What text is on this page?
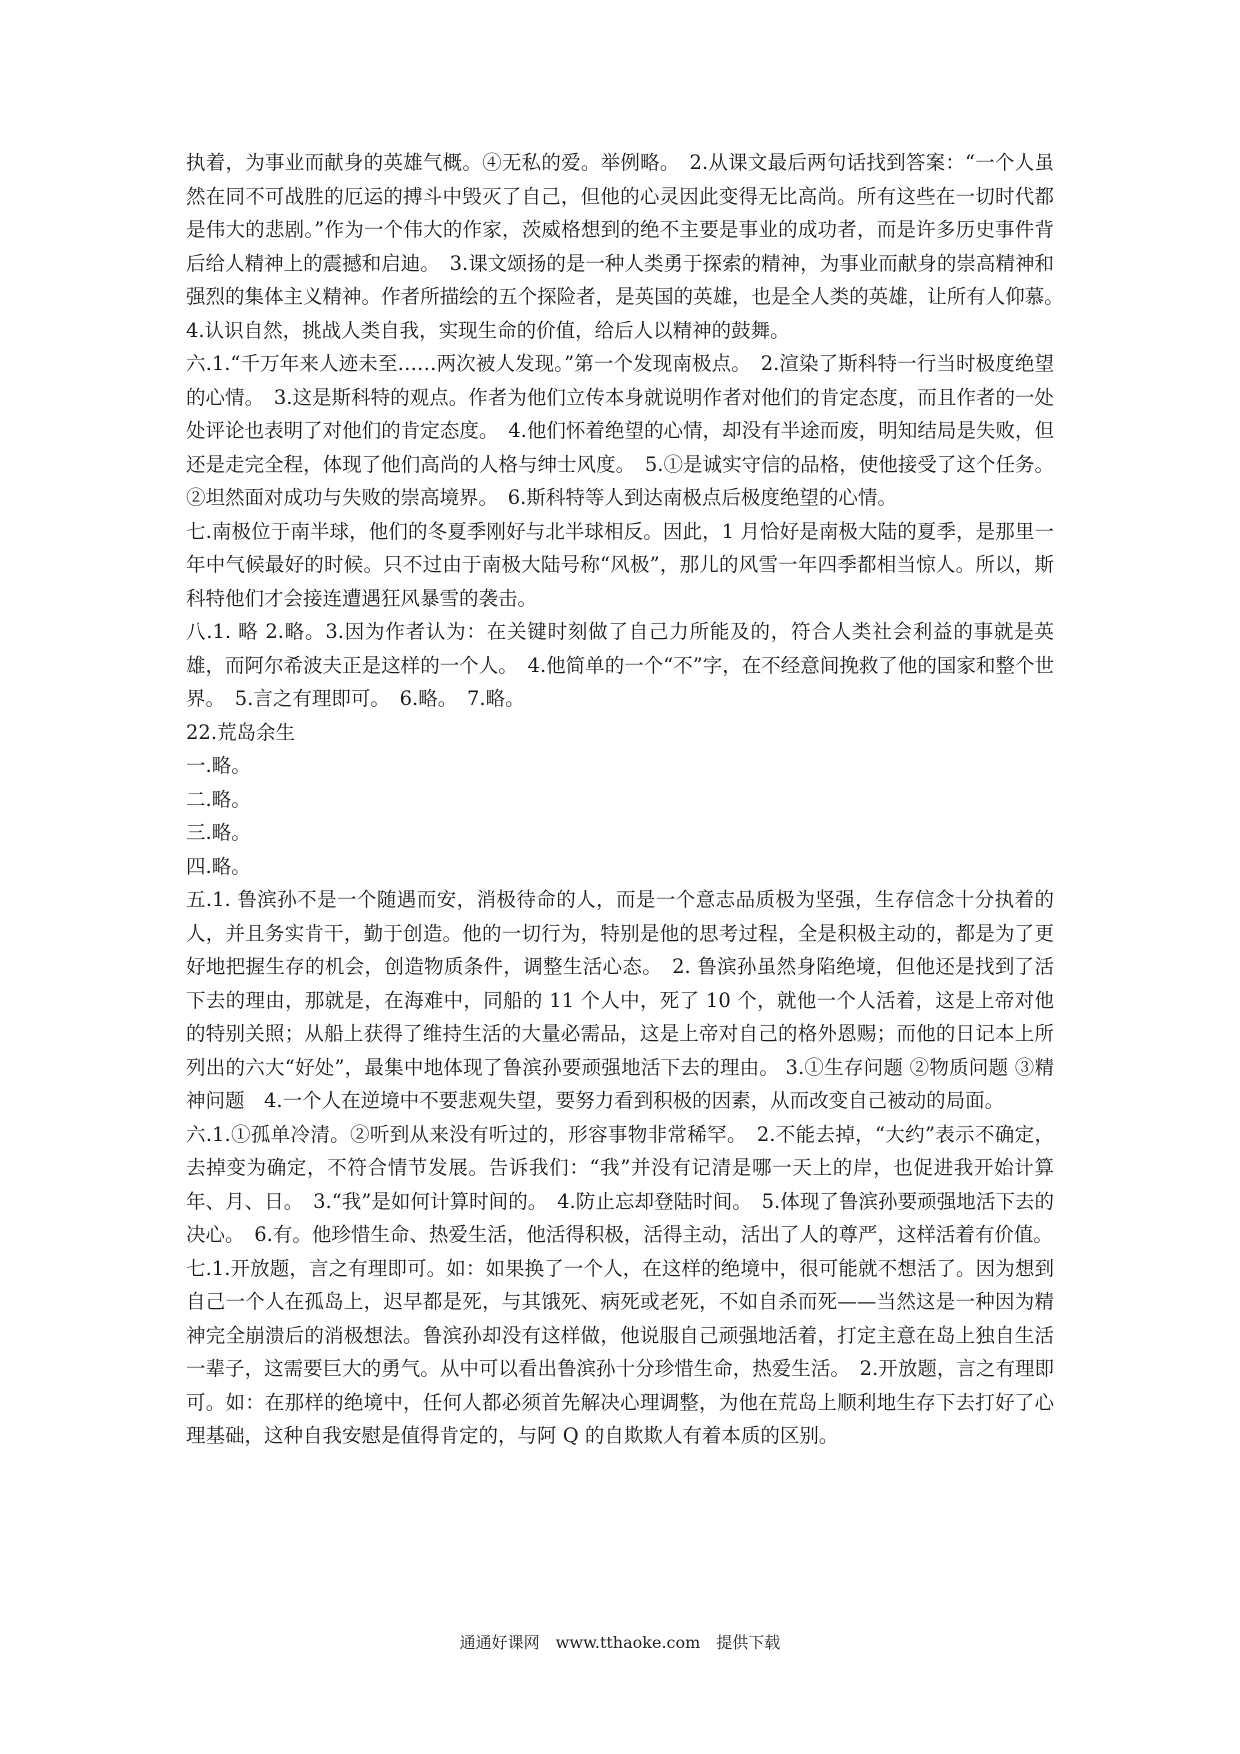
执着，为事业而献身的英雄气概。④无私的爱。举例略。　2.从课文最后两句话找到答案：“一个人虽然在同不可战胜的厄运的搏斗中毁灭了自己，但他的心灵因此变得无比高尚。所有这些在一切时代都是伟大的悲剧。”作为一个伟大的作家，茨威格想到的绝不主要是事业的成功者，而是许多历史事件背后给人精神上的震撼和启迪。　3.课文颂扬的是一种人类勇于探索的精神，为事业而献身的崇高精神和强烈的集体主义精神。作者所描绘的五个探险者，是英国的英雄，也是全人类的英雄，让所有人仰慕。　4.认识自然，挑战人类自我，实现生命的价值，给后人以精神的鼓舞。

六.1.“千万年来人迹未至……两次被人发现。”第一个发现南极点。　2.渲染了斯科特一行当时极度绝望的心情。　3.这是斯科特的观点。作者为他们立传本身就说明作者对他们的肯定态度，而且作者的一处处评论也表明了对他们的肯定态度。　4.他们怀着绝望的心情，却没有半途而废，明知结局是失败，但还是走完全程，体现了他们高尚的人格与绅士风度。　5.①是诚实守信的品格，使他接受了这个任务。②坦然面对成功与失败的崇高境界。　6.斯科特等人到达南极点后极度绝望的心情。

七.南极位于南半球，他们的冬夏季刚好与北半球相反。因此，1 月恰好是南极大陆的夏季，是那里一年中气候最好的时候。只不过由于南极大陆号称“风极”，那儿的风雪一年四季都相当惊人。所以，斯科特他们才会接连遭遇狂风暴雪的袭击。

八.1. 略 2.略。3.因为作者认为：在关键时刻做了自己力所能及的，符合人类社会利益的事就是英雄，而阿尔希波夫正是这样的一个人。　4.他简单的一个“不”字，在不经意间挽救了他的国家和整个世界。　5.言之有理即可。　6.略。　7.略。

22.荒岛余生

一.略。

二.略。

三.略。

四.略。

五.1. 鲁滨孙不是一个随遇而安，消极待命的人，而是一个意志品质极为坚强，生存信念十分执着的人，并且务实肯干，勤于创造。他的一切行为，特别是他的思考过程，全是积极主动的，都是为了更好地把握生存的机会，创造物质条件，调整生活心态。　2. 鲁滨孙虽然身陷绝境，但他还是找到了活下去的理由，那就是，在海难中，同船的 11 个人中，死了 10 个，就他一个人活着，这是上帝对他的特别关照；从船上获得了维持生活的大量必需品，这是上帝对自己的格外恩赐；而他的日记本上所列出的六大“好处”，最集中地体现了鲁滨孙要顽强地活下去的理由。 3.①生存问题 ②物质问题 ③精神问题　4.一个人在逆境中不要悲观失望，要努力看到积极的因素，从而改变自己被动的局面。

六.1.①孤单冷清。②听到从来没有听过的，形容事物非常稀罕。　2.不能去掉，“大约”表示不确定，去掉变为确定，不符合情节发展。告诉我们：“我”并没有记清是哪一天上的岸，也促进我开始计算年、月、日。　3.“我”是如何计算时间的。　4.防止忘却登陆时间。　5.体现了鲁滨孙要顽强地活下去的决心。　6.有。他珍惜生命、热爱生活，他活得积极，活得主动，活出了人的尊严，这样活着有价值。

七.1.开放题，言之有理即可。如：如果换了一个人，在这样的绝境中，很可能就不想活了。因为想到自己一个人在孤岛上，迟早都是死，与其饿死、病死或老死，不如自杀而死——当然这是一种因为精神完全崩溃后的消极想法。鲁滨孙却没有这样做，他说服自己顽强地活着，打定主意在岛上独自生活一辈子，这需要巨大的勇气。从中可以看出鲁滨孙十分珍惜生命，热爱生活。　2.开放题，言之有理即可。如：在那样的绝境中，任何人都必须首先解决心理调整，为他在荒岛上顺利地生存下去打好了心理基础，这种自我安慰是值得肯定的，与阿 Q 的自欺欺人有着本质的区别。

通通好课网　www.tthaoke.com　提供下载
